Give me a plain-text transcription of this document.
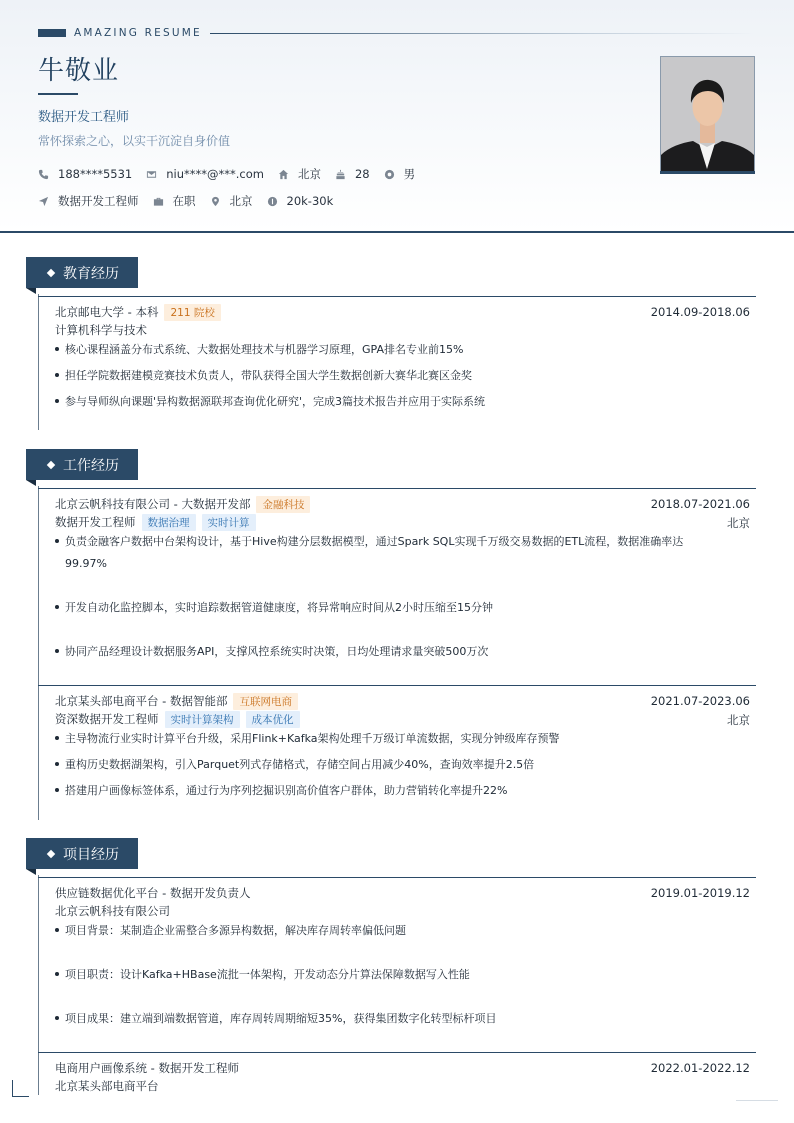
AMAZING RESUME
牛敬业
数据开发工程师
常怀探索之心，以实干沉淀自身价值
188****5531	niu****@***.com	北京	28	男
数据开发工程师	在职	北京	20k-30k
教育经历
北京邮电大学 - 本科 211 院校	2014.09-2018.06
计算机科学与技术
核心课程涵盖分布式系统、大数据处理技术与机器学习原理，GPA排名专业前15%
担任学院数据建模竞赛技术负责人，带队获得全国大学生数据创新大赛华北赛区金奖
参与导师纵向课题'异构数据源联邦查询优化研究'，完成3篇技术报告并应用于实际系统
工作经历
北京云帆科技有限公司 - 大数据开发部 金融科技	2018.07-2021.06
数据开发工程师 数据治理 实时计算	北京
负责金融客户数据中台架构设计，基于Hive构建分层数据模型，通过Spark SQL实现千万级交易数据的ETL流程，数据准确率达
99.97%
开发自动化监控脚本，实时追踪数据管道健康度，将异常响应时间从2小时压缩至15分钟
协同产品经理设计数据服务API，支撑风控系统实时决策，日均处理请求量突破500万次
北京某头部电商平台 - 数据智能部 互联网电商	2021.07-2023.06
资深数据开发工程师 实时计算架构 成本优化	北京
主导物流行业实时计算平台升级，采用Flink+Kafka架构处理千万级订单流数据，实现分钟级库存预警
重构历史数据湖架构，引入Parquet列式存储格式，存储空间占用减少40%，查询效率提升2.5倍
搭建用户画像标签体系，通过行为序列挖掘识别高价值客户群体，助力营销转化率提升22%
项目经历
供应链数据优化平台 - 数据开发负责人	2019.01-2019.12
北京云帆科技有限公司
项目背景：某制造企业需整合多源异构数据，解决库存周转率偏低问题
项目职责：设计Kafka+HBase流批一体架构，开发动态分片算法保障数据写入性能
项目成果：建立端到端数据管道，库存周转周期缩短35%，获得集团数字化转型标杆项目
电商用户画像系统 - 数据开发工程师	2022.01-2022.12
北京某头部电商平台
